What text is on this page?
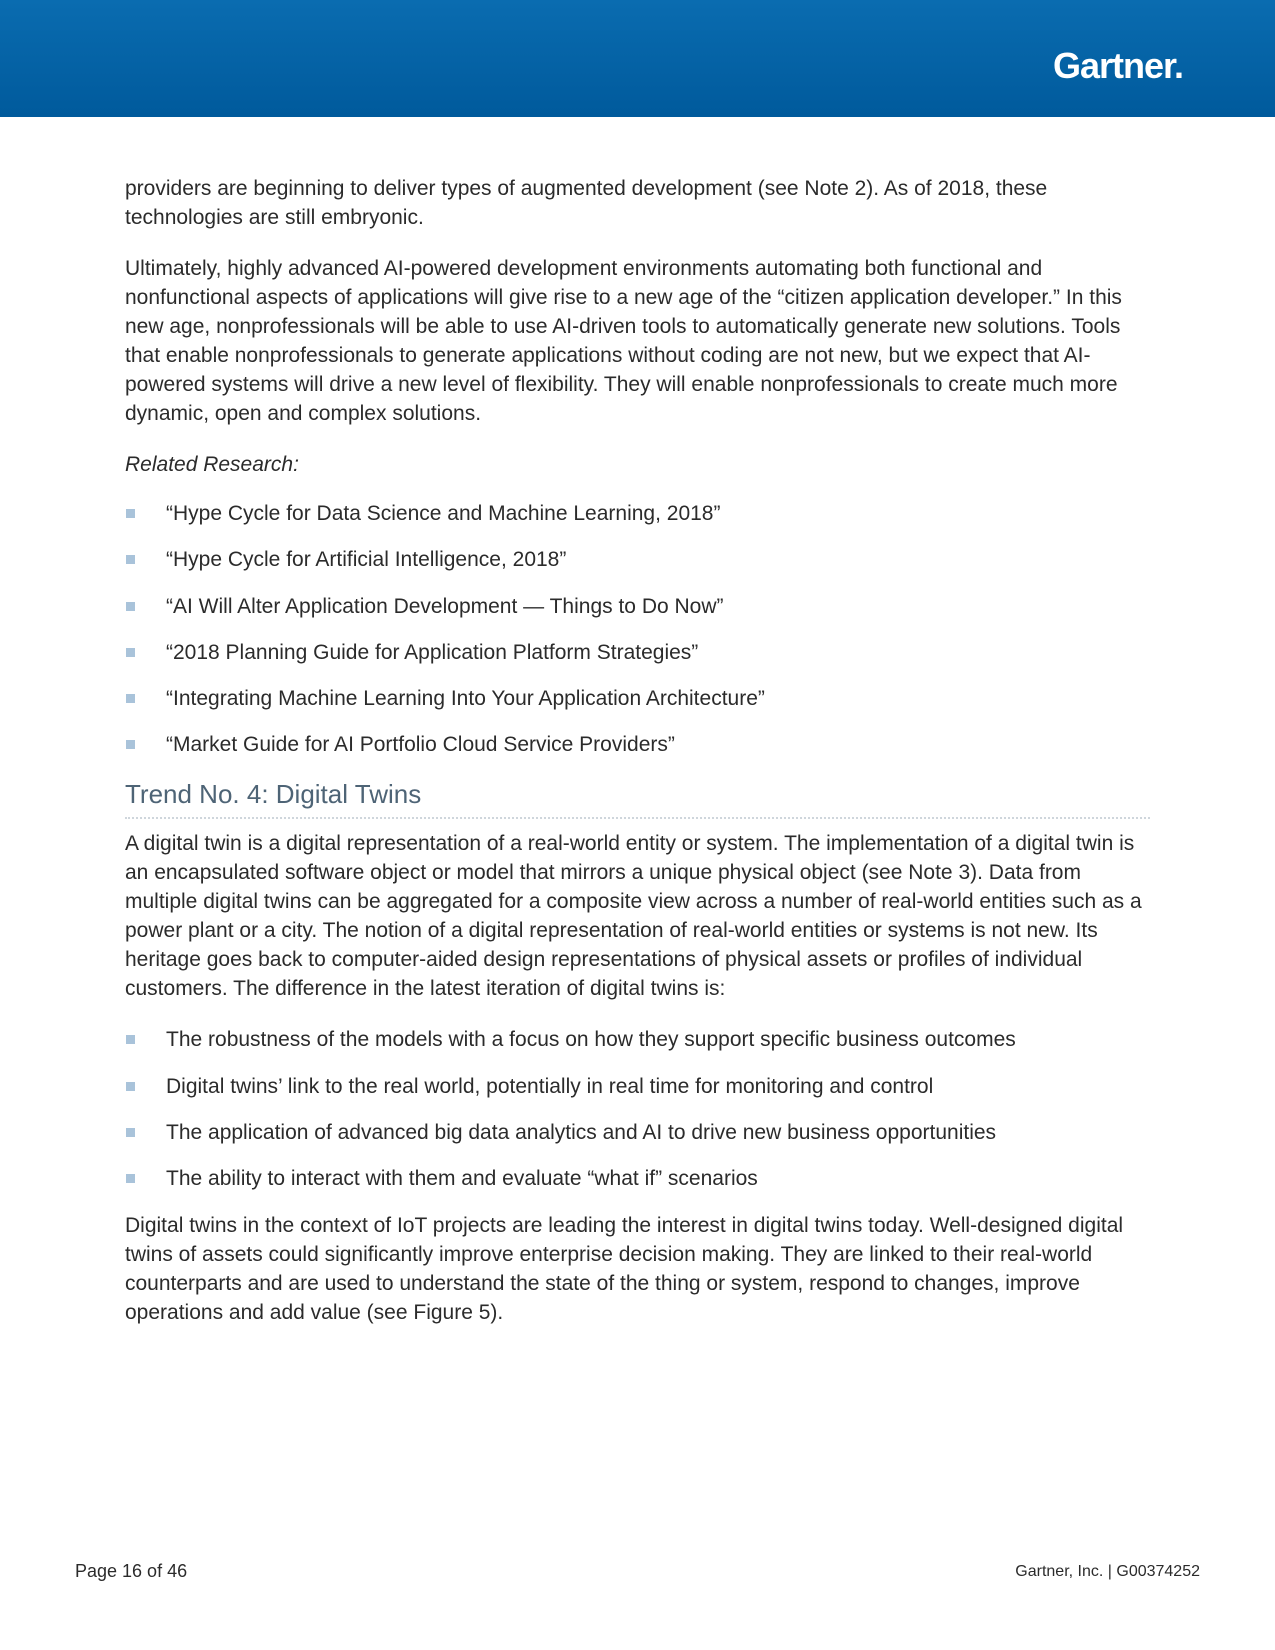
Gartner.

providers are beginning to deliver types of augmented development (see Note 2). As of 2018, these technologies are still embryonic.

Ultimately, highly advanced AI-powered development environments automating both functional and nonfunctional aspects of applications will give rise to a new age of the “citizen application developer.” In this new age, nonprofessionals will be able to use AI-driven tools to automatically generate new solutions. Tools that enable nonprofessionals to generate applications without coding are not new, but we expect that AI-powered systems will drive a new level of flexibility. They will enable nonprofessionals to create much more dynamic, open and complex solutions.

Related Research:

“Hype Cycle for Data Science and Machine Learning, 2018”
“Hype Cycle for Artificial Intelligence, 2018”
“AI Will Alter Application Development — Things to Do Now”
“2018 Planning Guide for Application Platform Strategies”
“Integrating Machine Learning Into Your Application Architecture”
“Market Guide for AI Portfolio Cloud Service Providers”
Trend No. 4: Digital Twins

A digital twin is a digital representation of a real-world entity or system. The implementation of a digital twin is an encapsulated software object or model that mirrors a unique physical object (see Note 3). Data from multiple digital twins can be aggregated for a composite view across a number of real-world entities such as a power plant or a city. The notion of a digital representation of real-world entities or systems is not new. Its heritage goes back to computer-aided design representations of physical assets or profiles of individual customers. The difference in the latest iteration of digital twins is:

The robustness of the models with a focus on how they support specific business outcomes
Digital twins’ link to the real world, potentially in real time for monitoring and control
The application of advanced big data analytics and AI to drive new business opportunities
The ability to interact with them and evaluate “what if” scenarios

Digital twins in the context of IoT projects are leading the interest in digital twins today. Well-designed digital twins of assets could significantly improve enterprise decision making. They are linked to their real-world counterparts and are used to understand the state of the thing or system, respond to changes, improve operations and add value (see Figure 5).

Page 16 of 46	Gartner, Inc. | G00374252
